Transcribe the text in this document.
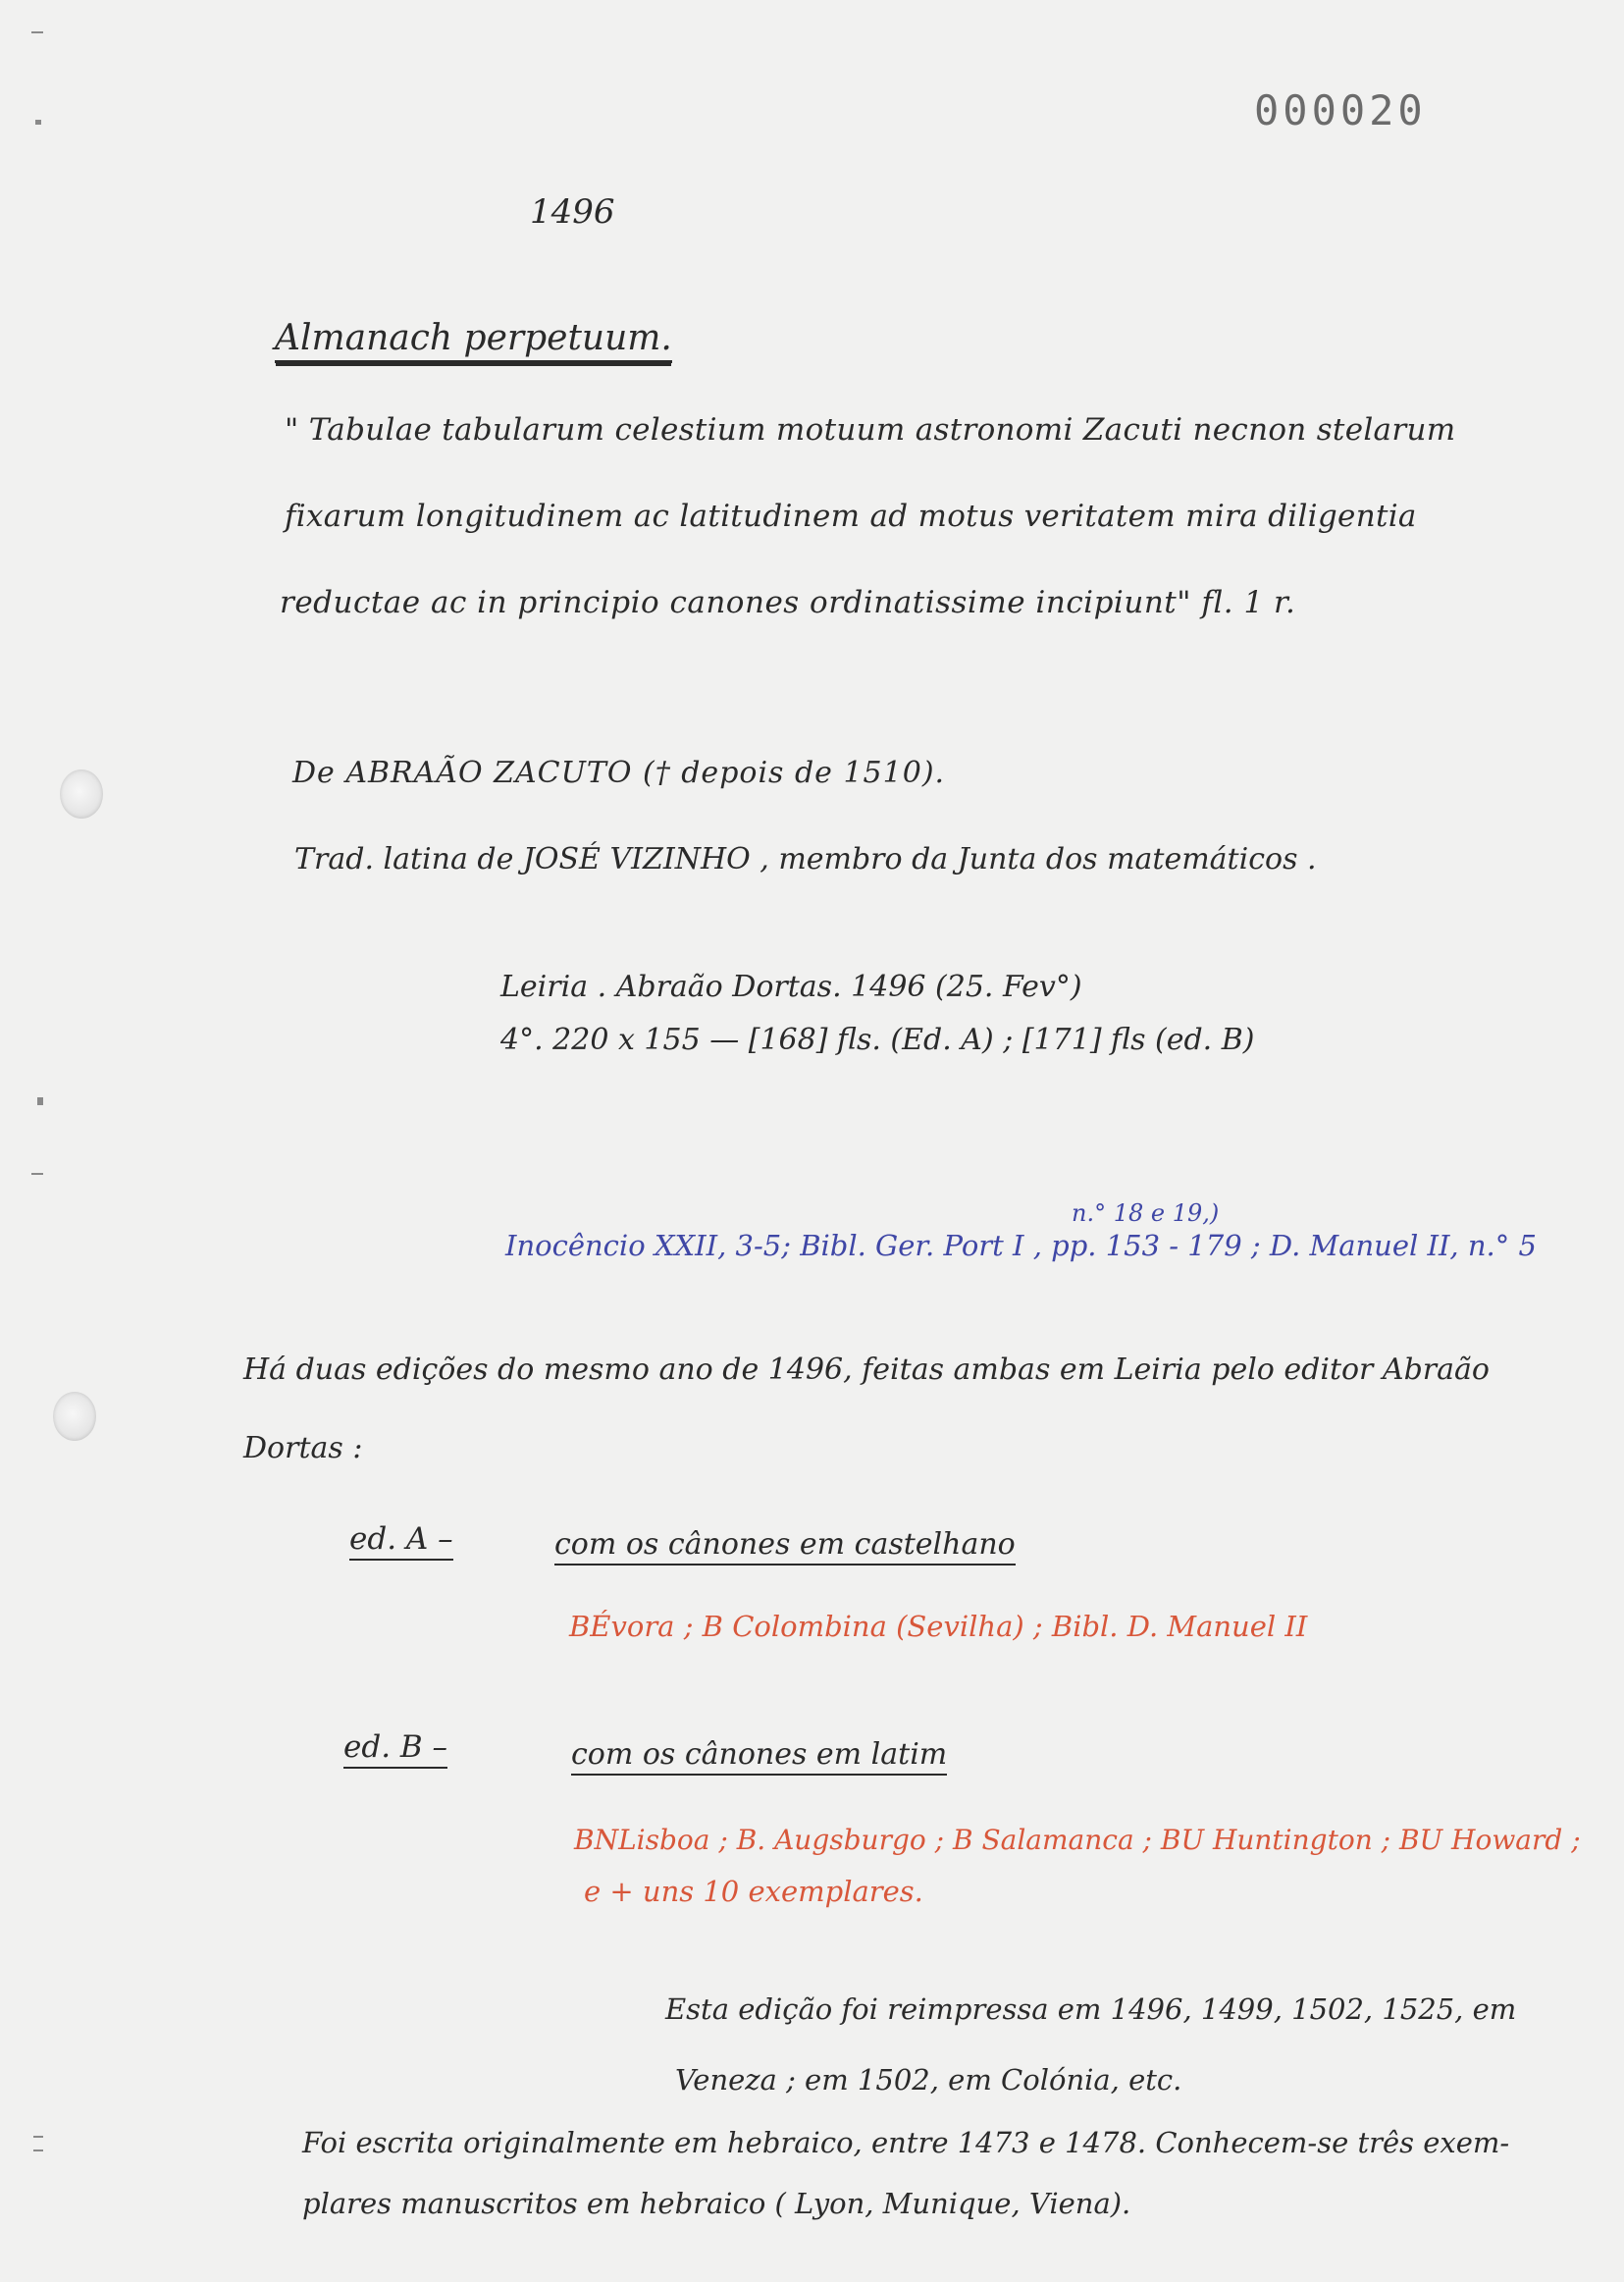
000020
1496
Almanach perpetuum.
" Tabulae tabularum celestium motuum astronomi Zacuti necnon stelarum
fixarum longitudinem ac latitudinem ad motus veritatem mira diligentia
reductae ac in principio canones ordinatissime incipiunt" fl. 1 r.
De ABRAÃO ZACUTO († depois de 1510).
Trad. latina de JOSÉ VIZINHO , membro da Junta dos matemáticos .
Leiria . Abraão Dortas. 1496 (25. Fev°)
4°. 220 x 155 — [168] fls. (Ed. A) ; [171] fls (ed. B)
n.° 18 e 19,)
Inocêncio XXII, 3-5; Bibl. Ger. Port I , pp. 153 - 179 ; D. Manuel II, n.° 5
Há duas edições do mesmo ano de 1496, feitas ambas em Leiria pelo editor Abraão
Dortas :
ed. A –	com os cânones em castelhano
BÉvora ; B Colombina (Sevilha) ; Bibl. D. Manuel II
ed. B –	com os cânones em latim
BNLisboa ; B. Augsburgo ; B Salamanca ; BU Huntington ; BU Howard ;
e + uns 10 exemplares.
Esta edição foi reimpressa em 1496, 1499, 1502, 1525, em
Veneza ; em 1502, em Colónia, etc.
Foi escrita originalmente em hebraico, entre 1473 e 1478. Conhecem-se três exem-
plares manuscritos em hebraico ( Lyon, Munique, Viena).
